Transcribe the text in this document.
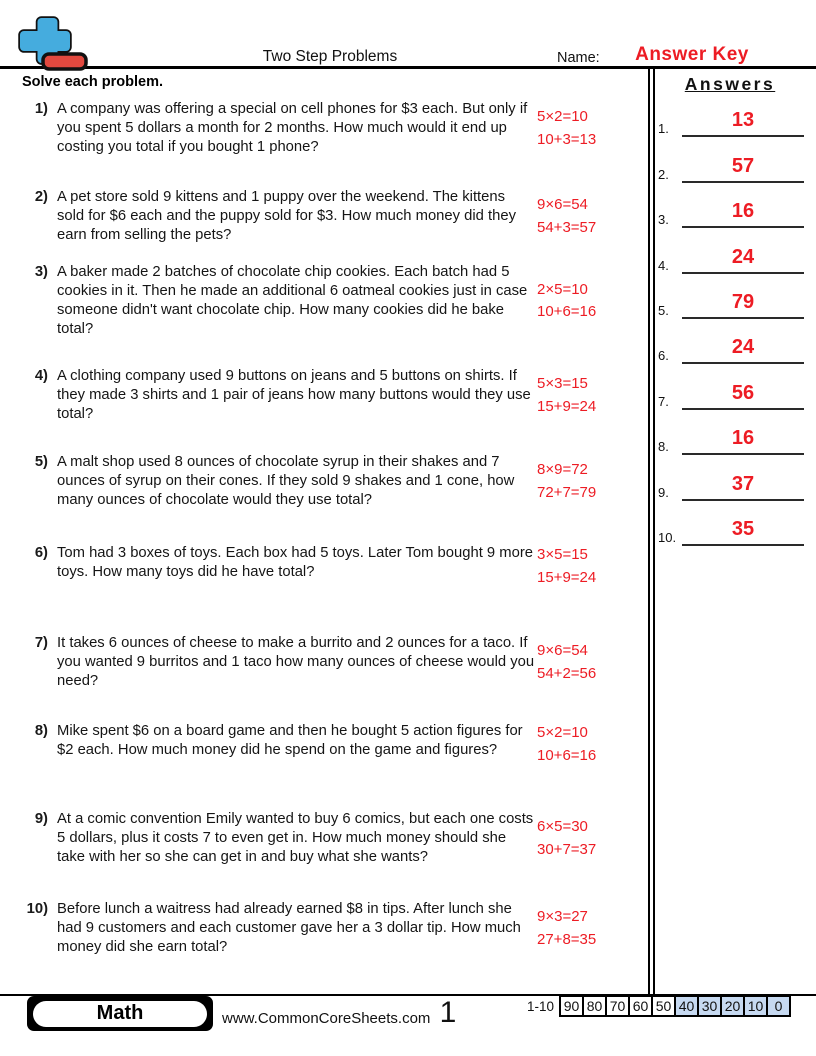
Two Step Problems	Name:	Answer Key
Solve each problem.
1) A company was offering a special on cell phones for $3 each. But only if you spent 5 dollars a month for 2 months. How much would it end up costing you total if you bought 1 phone?
5×2=10
10+3=13
2) A pet store sold 9 kittens and 1 puppy over the weekend. The kittens sold for $6 each and the puppy sold for $3. How much money did they earn from selling the pets?
9×6=54
54+3=57
3) A baker made 2 batches of chocolate chip cookies. Each batch had 5 cookies in it. Then he made an additional 6 oatmeal cookies just in case someone didn't want chocolate chip. How many cookies did he bake total?
2×5=10
10+6=16
4) A clothing company used 9 buttons on jeans and 5 buttons on shirts. If they made 3 shirts and 1 pair of jeans how many buttons would they use total?
5×3=15
15+9=24
5) A malt shop used 8 ounces of chocolate syrup in their shakes and 7 ounces of syrup on their cones. If they sold 9 shakes and 1 cone, how many ounces of chocolate would they use total?
8×9=72
72+7=79
6) Tom had 3 boxes of toys. Each box had 5 toys. Later Tom bought 9 more toys. How many toys did he have total?
3×5=15
15+9=24
7) It takes 6 ounces of cheese to make a burrito and 2 ounces for a taco. If you wanted 9 burritos and 1 taco how many ounces of cheese would you need?
9×6=54
54+2=56
8) Mike spent $6 on a board game and then he bought 5 action figures for $2 each. How much money did he spend on the game and figures?
5×2=10
10+6=16
9) At a comic convention Emily wanted to buy 6 comics, but each one costs 5 dollars, plus it costs 7 to even get in. How much money should she take with her so she can get in and buy what she wants?
6×5=30
30+7=37
10) Before lunch a waitress had already earned $8 in tips. After lunch she had 9 customers and each customer gave her a 3 dollar tip. How much money did she earn total?
9×3=27
27+8=35
Answers
1.	13
2.	57
3.	16
4.	24
5.	79
6.	24
7.	56
8.	16
9.	37
10.	35
Math	www.CommonCoreSheets.com 1	1-10 90 80 70 60 50 40 30 20 10 0
